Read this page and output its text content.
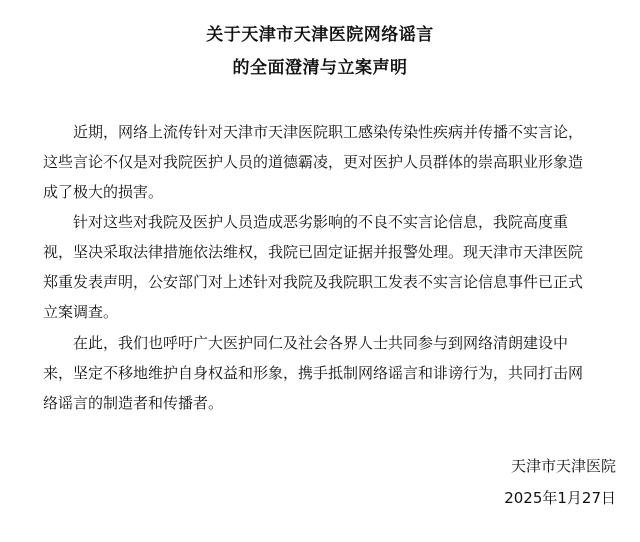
关于天津市天津医院网络谣言
的全面澄清与立案声明
近期，网络上流传针对天津市天津医院职工感染传染性疾病并传播不实言论，
这些言论不仅是对我院医护人员的道德霸凌，更对医护人员群体的崇高职业形象造
成了极大的损害。
针对这些对我院及医护人员造成恶劣影响的不良不实言论信息，我院高度重
视，坚决采取法律措施依法维权，我院已固定证据并报警处理。现天津市天津医院
郑重发表声明，公安部门对上述针对我院及我院职工发表不实言论信息事件已正式
立案调查。
在此，我们也呼吁广大医护同仁及社会各界人士共同参与到网络清朗建设中
来，坚定不移地维护自身权益和形象，携手抵制网络谣言和诽谤行为，共同打击网
络谣言的制造者和传播者。
天津市天津医院
2025年1月27日
